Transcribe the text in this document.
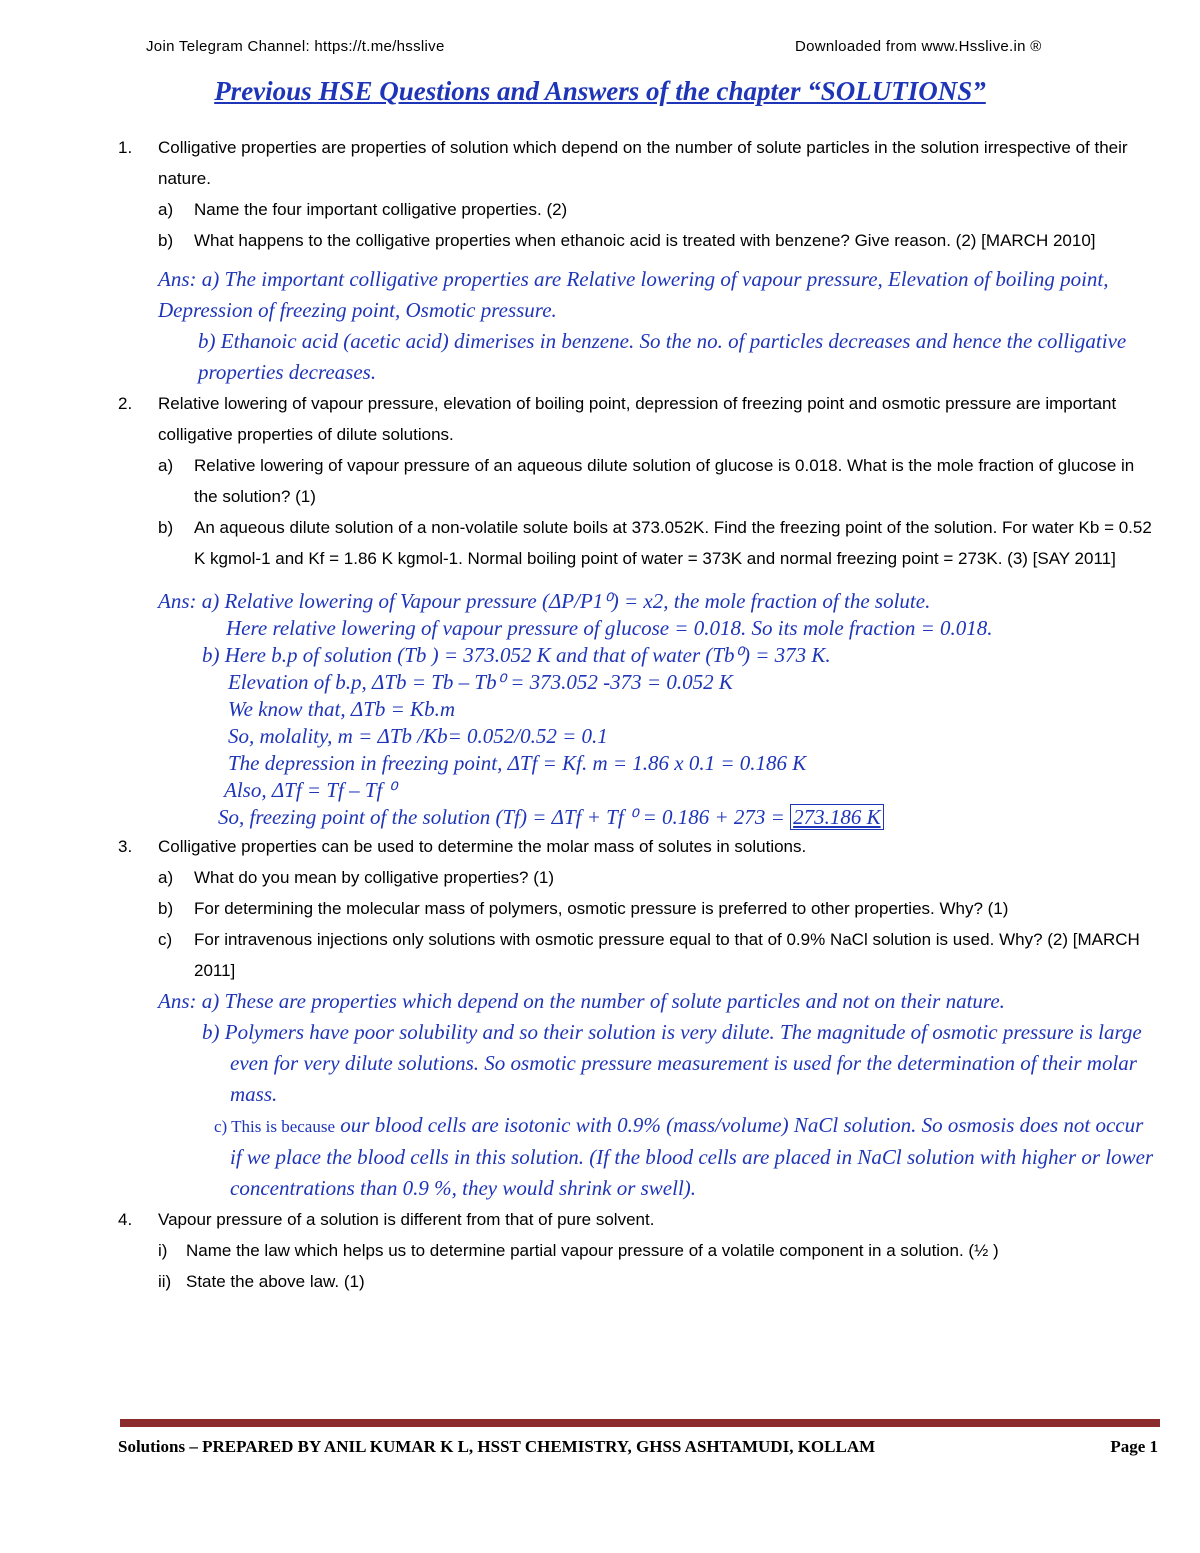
Join Telegram Channel: https://t.me/hsslive	Downloaded from www.Hsslive.in ®
Previous HSE Questions and Answers of the chapter “SOLUTIONS”
1. Colligative properties are properties of solution which depend on the number of solute particles in the solution irrespective of their nature.
a) Name the four important colligative properties. (2)
b) What happens to the colligative properties when ethanoic acid is treated with benzene? Give reason. (2) [MARCH 2010]
Ans: a) The important colligative properties are Relative lowering of vapour pressure, Elevation of boiling point, Depression of freezing point, Osmotic pressure.
b) Ethanoic acid (acetic acid) dimerises in benzene. So the no. of particles decreases and hence the colligative properties decreases.
2. Relative lowering of vapour pressure, elevation of boiling point, depression of freezing point and osmotic pressure are important colligative properties of dilute solutions.
a) Relative lowering of vapour pressure of an aqueous dilute solution of glucose is 0.018. What is the mole fraction of glucose in the solution? (1)
b) An aqueous dilute solution of a non-volatile solute boils at 373.052K. Find the freezing point of the solution. For water Kb = 0.52 K kgmol-1 and Kf = 1.86 K kgmol-1. Normal boiling point of water = 373K and normal freezing point = 273K. (3) [SAY 2011]
Ans: a) Relative lowering of Vapour pressure (ΔP/P1⁰) = x2, the mole fraction of the solute.
Here relative lowering of vapour pressure of glucose = 0.018. So its mole fraction = 0.018.
b) Here b.p of solution (Tb ) = 373.052 K and that of water (Tb⁰) = 373 K.
Elevation of b.p, ΔTb = Tb – Tb⁰ = 373.052 -373 = 0.052 K
We know that, ΔTb = Kb.m
So, molality, m = ΔTb /Kb= 0.052/0.52 = 0.1
The depression in freezing point, ΔTf = Kf. m = 1.86 x 0.1 = 0.186 K
Also, ΔTf = Tf – Tf ⁰
So, freezing point of the solution (Tf) = ΔTf + Tf ⁰ = 0.186 + 273 = 273.186 K
3. Colligative properties can be used to determine the molar mass of solutes in solutions.
a) What do you mean by colligative properties? (1)
b) For determining the molecular mass of polymers, osmotic pressure is preferred to other properties. Why? (1)
c) For intravenous injections only solutions with osmotic pressure equal to that of 0.9% NaCl solution is used. Why? (2) [MARCH 2011]
Ans: a) These are properties which depend on the number of solute particles and not on their nature.
b) Polymers have poor solubility and so their solution is very dilute. The magnitude of osmotic pressure is large even for very dilute solutions. So osmotic pressure measurement is used for the determination of their molar mass.
c) This is because our blood cells are isotonic with 0.9% (mass/volume) NaCl solution. So osmosis does not occur if we place the blood cells in this solution. (If the blood cells are placed in NaCl solution with higher or lower concentrations than 0.9 %, they would shrink or swell).
4. Vapour pressure of a solution is different from that of pure solvent.
i) Name the law which helps us to determine partial vapour pressure of a volatile component in a solution. (½ )
ii) State the above law. (1)
Solutions – PREPARED BY ANIL KUMAR K L, HSST CHEMISTRY, GHSS ASHTAMUDI, KOLLAM	Page 1
